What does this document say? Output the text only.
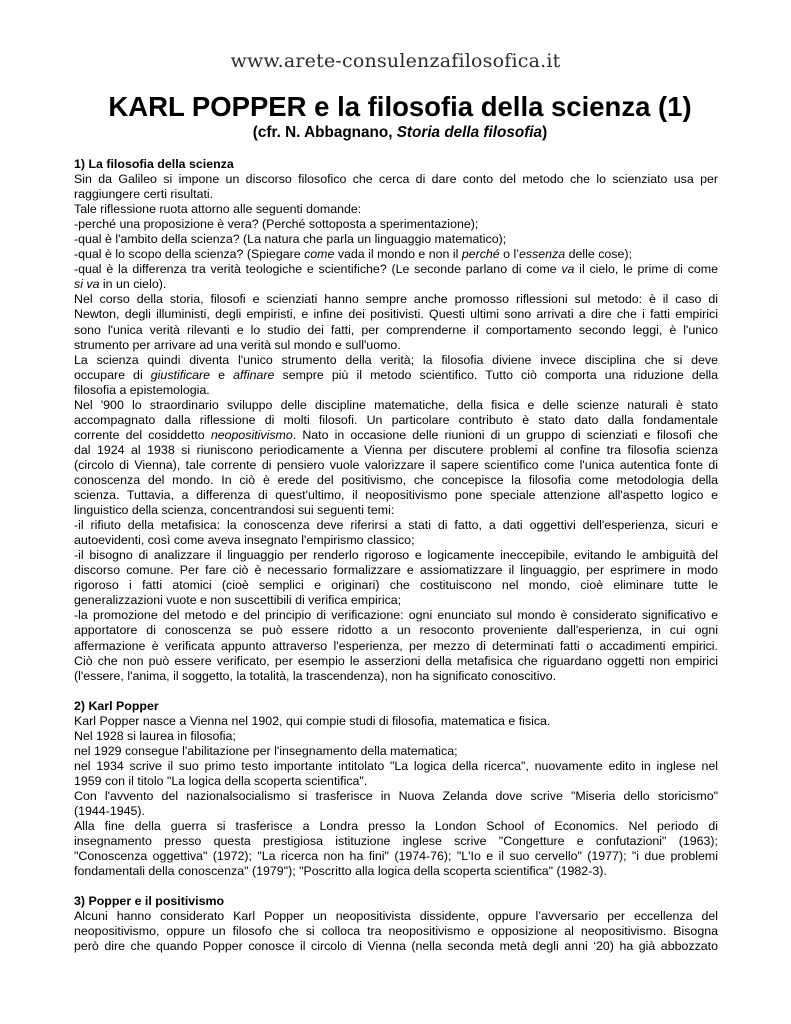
www.arete-consulenzafilosofica.it
KARL POPPER e la filosofia della scienza (1)
(cfr. N. Abbagnano, Storia della filosofia)
1) La filosofia della scienza
Sin da Galileo si impone un discorso filosofico che cerca di dare conto del metodo che lo scienziato usa per
raggiungere certi risultati.
Tale riflessione ruota attorno alle seguenti domande:
-perché una proposizione è vera? (Perché sottoposta a sperimentazione);
-qual è l'ambito della scienza? (La natura che parla un linguaggio matematico);
-qual è lo scopo della scienza? (Spiegare come vada il mondo e non il perché o l’essenza delle cose);
-qual è la differenza tra verità teologiche e scientifiche? (Le seconde parlano di come va il cielo, le prime di come
si va in un cielo).
Nel corso della storia, filosofi e scienziati hanno sempre anche promosso riflessioni sul metodo: è il caso di
Newton, degli illuministi, degli empiristi, e infine dei positivisti. Questi ultimi sono arrivati a dire che i fatti empirici
sono l'unica verità rilevanti e lo studio dei fatti, per comprenderne il comportamento secondo leggi, è l'unico
strumento per arrivare ad una verità sul mondo e sull'uomo.
La scienza quindi diventa l'unico strumento della verità; la filosofia diviene invece disciplina che si deve
occupare di giustificare e affinare sempre più il metodo scientifico. Tutto ciò comporta una riduzione della
filosofia a epistemologia.
Nel '900 lo straordinario sviluppo delle discipline matematiche, della fisica e delle scienze naturali è stato
accompagnato dalla riflessione di molti filosofi. Un particolare contributo è stato dato dalla fondamentale
corrente del cosiddetto neopositivismo. Nato in occasione delle riunioni di un gruppo di scienziati e filosofi che
dal 1924 al 1938 si riuniscono periodicamente a Vienna per discutere problemi al confine tra filosofia scienza
(circolo di Vienna), tale corrente di pensiero vuole valorizzare il sapere scientifico come l'unica autentica fonte di
conoscenza del mondo. In ciò è erede del positivismo, che concepisce la filosofia come metodologia della
scienza. Tuttavia, a differenza di quest'ultimo, il neopositivismo pone speciale attenzione all'aspetto logico e
linguistico della scienza, concentrandosi sui seguenti temi:
-il rifiuto della metafisica: la conoscenza deve riferirsi a stati di fatto, a dati oggettivi dell'esperienza, sicuri e
autoevidenti, così come aveva insegnato l'empirismo classico;
-il bisogno di analizzare il linguaggio per renderlo rigoroso e logicamente ineccepibile, evitando le ambiguità del
discorso comune. Per fare ciò è necessario formalizzare e assiomatizzare il linguaggio, per esprimere in modo
rigoroso i fatti atomici (cioè semplici e originari) che costituiscono nel mondo, cioè eliminare tutte le
generalizzazioni vuote e non suscettibili di verifica empirica;
-la promozione del metodo e del principio di verificazione: ogni enunciato sul mondo è considerato significativo e
apportatore di conoscenza se può essere ridotto a un resoconto proveniente dall'esperienza, in cui ogni
affermazione è verificata appunto attraverso l'esperienza, per mezzo di determinati fatti o accadimenti empirici.
Ciò che non può essere verificato, per esempio le asserzioni della metafisica che riguardano oggetti non empirici
(l'essere, l'anima, il soggetto, la totalità, la trascendenza), non ha significato conoscitivo.
2) Karl Popper
Karl Popper nasce a Vienna nel 1902, qui compie studi di filosofia, matematica e fisica.
Nel 1928 si laurea in filosofia;
nel 1929 consegue l'abilitazione per l'insegnamento della matematica;
nel 1934 scrive il suo primo testo importante intitolato "La logica della ricerca", nuovamente edito in inglese nel
1959 con il titolo "La logica della scoperta scientifica".
Con l'avvento del nazionalsocialismo si trasferisce in Nuova Zelanda dove scrive "Miseria dello storicismo"
(1944-1945).
Alla fine della guerra si trasferisce a Londra presso la London School of Economics. Nel periodo di
insegnamento presso questa prestigiosa istituzione inglese scrive "Congetture e confutazioni" (1963);
"Conoscenza oggettiva" (1972); "La ricerca non ha fini" (1974-76); "L'Io e il suo cervello" (1977); "i due problemi
fondamentali della conoscenza" (1979"); "Poscritto alla logica della scoperta scientifica" (1982-3).
3) Popper e il positivismo
Alcuni hanno considerato Karl Popper un neopositivista dissidente, oppure l’avversario per eccellenza del
neopositivismo, oppure un filosofo che si colloca tra neopositivismo e opposizione al neopositivismo. Bisogna
però dire che quando Popper conosce il circolo di Vienna (nella seconda metà degli anni ‘20) ha già abbozzato
